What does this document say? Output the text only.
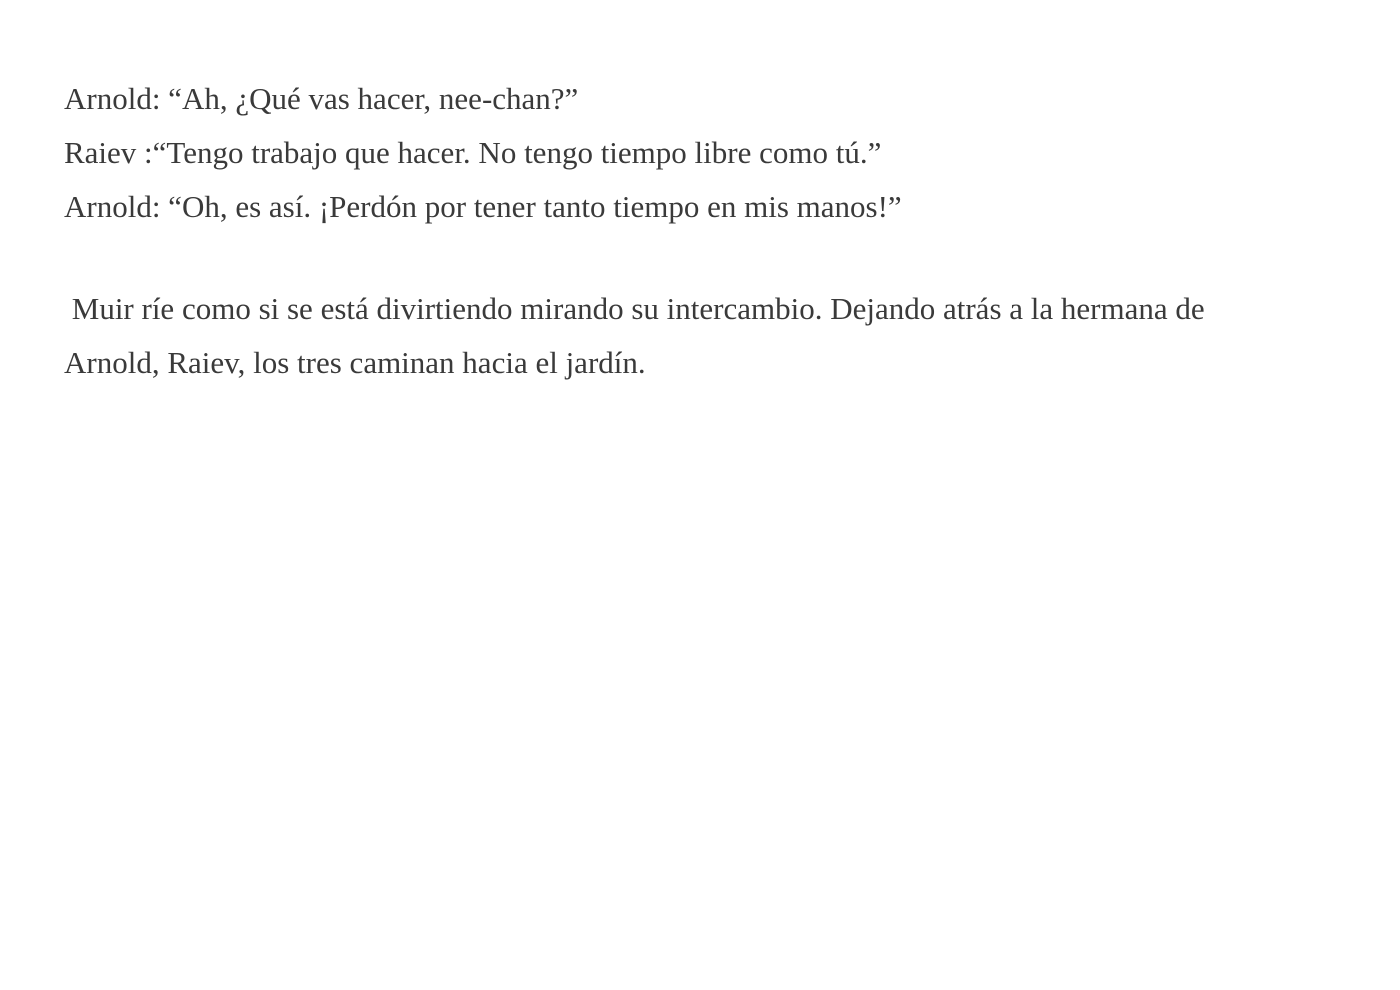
Arnold: “Ah, ¿Qué vas hacer, nee-chan?”
Raiev :“Tengo trabajo que hacer. No tengo tiempo libre como tú.”
Arnold: “Oh, es así. ¡Perdón por tener tanto tiempo en mis manos!”
Muir ríe como si se está divirtiendo mirando su intercambio. Dejando atrás a la hermana de
Arnold, Raiev, los tres caminan hacia el jardín.
